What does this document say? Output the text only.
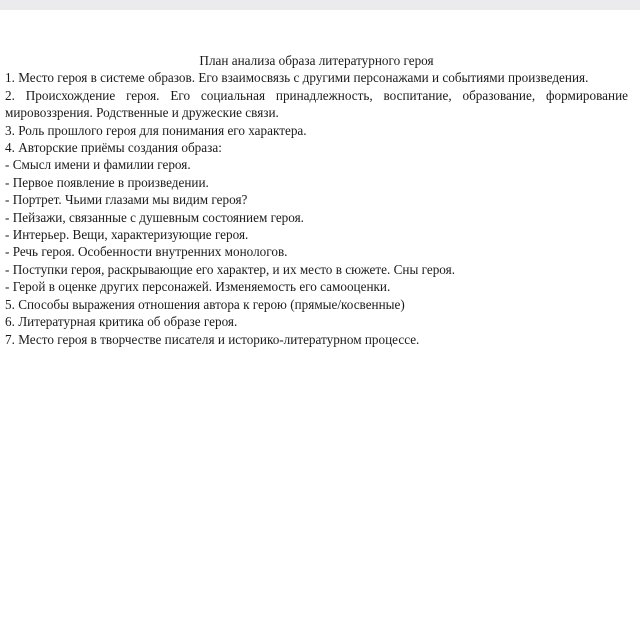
План анализа образа литературного героя

1. Место героя в системе образов. Его взаимосвязь с другими персонажами и событиями произведения.

2. Происхождение героя. Его социальная принадлежность, воспитание, образование, формирование мировоззрения. Родственные и дружеские связи.

3. Роль прошлого героя для понимания его характера.

4. Авторские приёмы создания образа:

- Смысл имени и фамилии героя.

- Первое появление в произведении.

- Портрет. Чьими глазами мы видим героя?

- Пейзажи, связанные с душевным состоянием героя.

- Интерьер. Вещи, характеризующие героя.

- Речь героя. Особенности внутренних монологов.

- Поступки героя, раскрывающие его характер, и их место в сюжете. Сны героя.

- Герой в оценке других персонажей. Изменяемость его самооценки.

5. Способы выражения отношения автора к герою (прямые/косвенные)

6. Литературная критика об образе героя.

7. Место героя в творчестве писателя и историко-литературном процессе.
